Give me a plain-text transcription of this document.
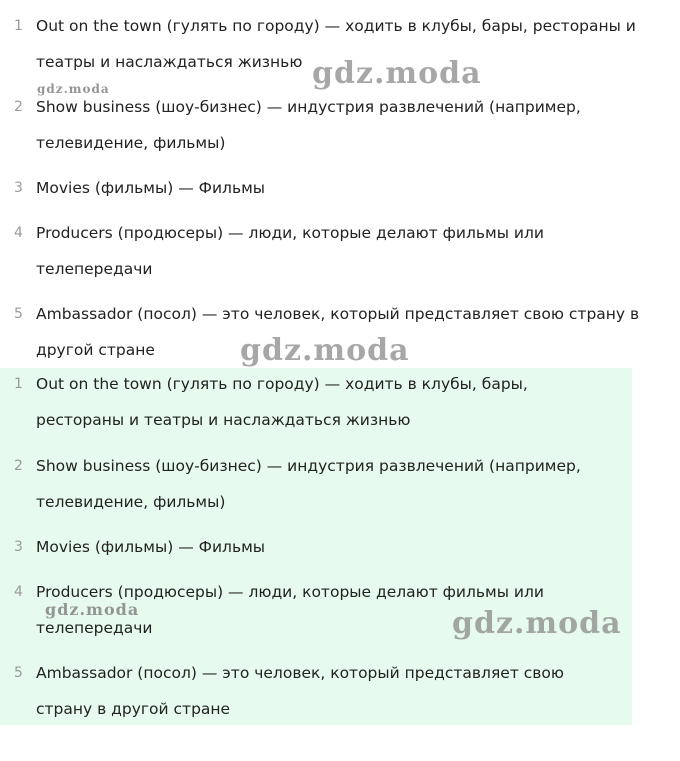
1 Out on the town (гулять по городу) — ходить в клубы, бары, рестораны и
театры и наслаждаться жизнью
2 Show business (шоу-бизнес) — индустрия развлечений (например,
телевидение, фильмы)
3 Movies (фильмы) — Фильмы
4 Producers (продюсеры) — люди, которые делают фильмы или
телепередачи
5 Ambassador (посол) — это человек, который представляет свою страну в
другой стране
1 Out on the town (гулять по городу) — ходить в клубы, бары,
рестораны и театры и наслаждаться жизнью
2 Show business (шоу-бизнес) — индустрия развлечений (например,
телевидение, фильмы)
3 Movies (фильмы) — Фильмы
4 Producers (продюсеры) — люди, которые делают фильмы или
телепередачи
5 Ambassador (посол) — это человек, который представляет свою
страну в другой стране
gdz.moda
gdz.moda
gdz.moda
gdz.moda	gdz.moda
